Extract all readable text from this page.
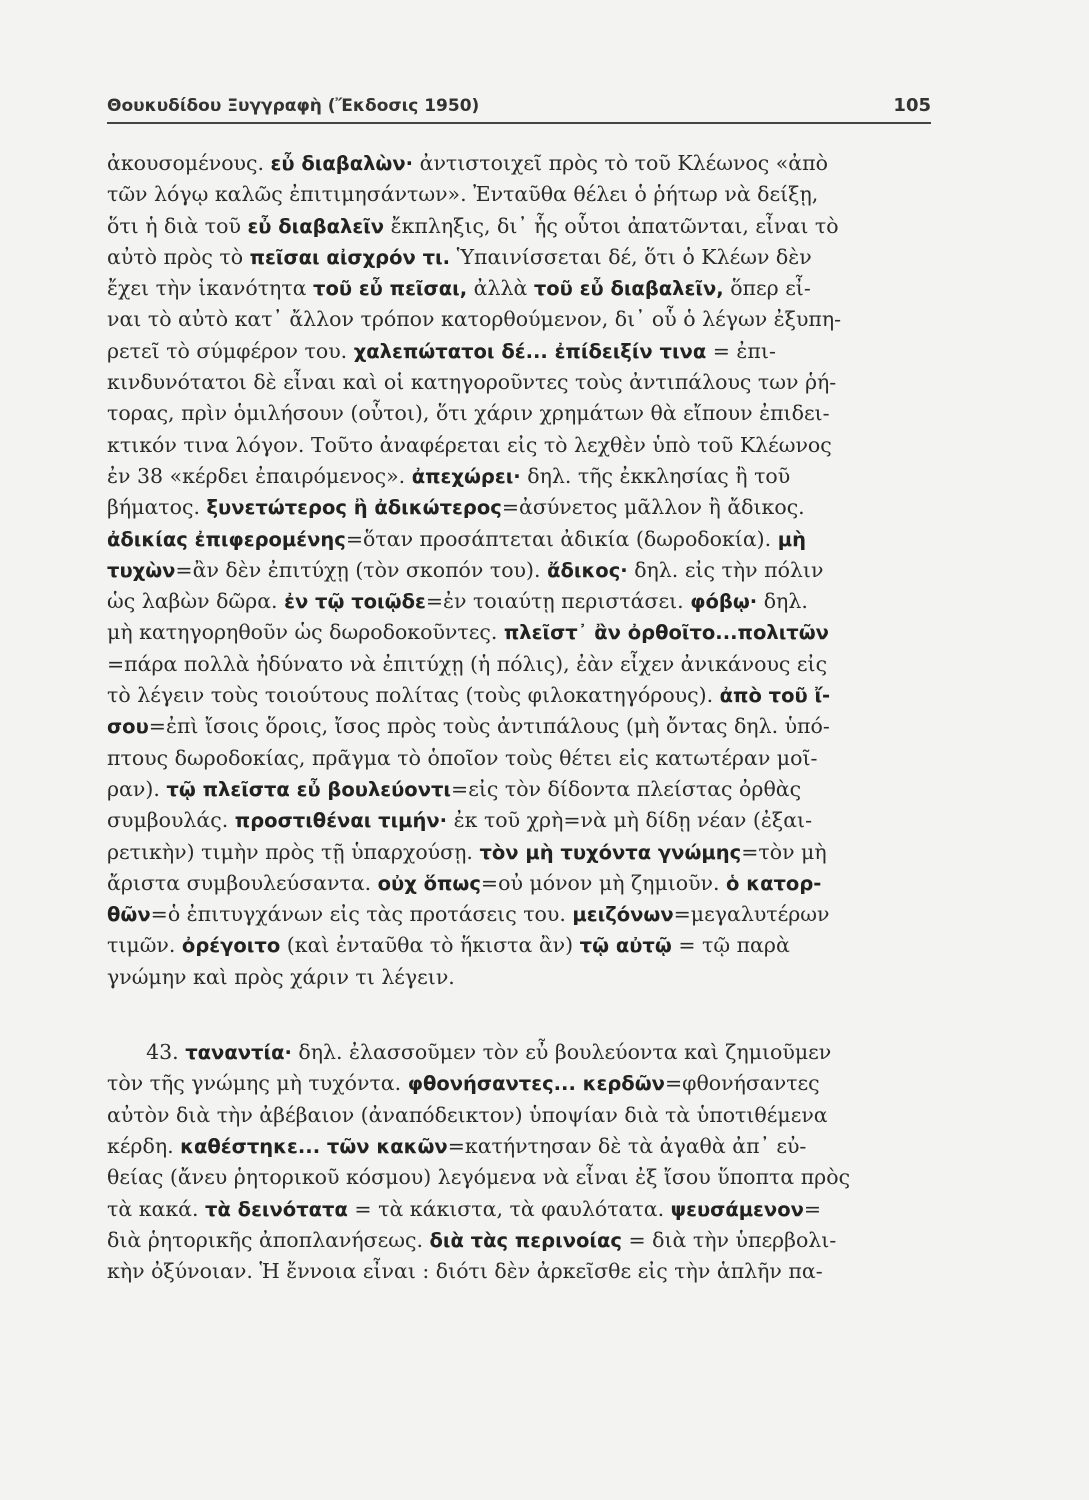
Θουκυδίδου Ξυγγραφὴ (Ἔκδοσις 1950)	105
ἀκουσομένους. εὖ διαβαλὼν· ἀντιστοιχεῖ πρὸς τὸ τοῦ Κλέωνος «ἀπὸ
τῶν λόγῳ καλῶς ἐπιτιμησάντων». Ἐνταῦθα θέλει ὁ ῥήτωρ νὰ δείξῃ,
ὅτι ἡ διὰ τοῦ εὖ διαβαλεῖν ἔκπληξις, δι᾽ ἧς οὗτοι ἀπατῶνται, εἶναι τὸ
αὐτὸ πρὸς τὸ πεῖσαι αἰσχρόν τι. Ὑπαινίσσεται δέ, ὅτι ὁ Κλέων δὲν
ἔχει τὴν ἱκανότητα τοῦ εὖ πεῖσαι, ἀλλὰ τοῦ εὖ διαβαλεῖν, ὅπερ εἶ-
ναι τὸ αὐτὸ κατ᾽ ἄλλον τρόπον κατορθούμενον, δι᾽ οὗ ὁ λέγων ἐξυπη-
ρετεῖ τὸ σύμφέρον του. χαλεπώτατοι δέ... ἐπίδειξίν τινα = ἐπι-
κινδυνότατοι δὲ εἶναι καὶ οἱ κατηγοροῦντες τοὺς ἀντιπάλους των ῥή-
τορας, πρὶν ὁμιλήσουν (οὗτοι), ὅτι χάριν χρημάτων θὰ εἴπουν ἐπιδει-
κτικόν τινα λόγον. Τοῦτο ἀναφέρεται εἰς τὸ λεχθὲν ὑπὸ τοῦ Κλέωνος
ἐν 38 «κέρδει ἐπαιρόμενος». ἀπεχώρει· δηλ. τῆς ἐκκλησίας ἢ τοῦ
βήματος. ξυνετώτερος ἢ ἀδικώτερος=ἀσύνετος μᾶλλον ἢ ἄδικος.
ἀδικίας ἐπιφερομένης=ὅταν προσάπτεται ἀδικία (δωροδοκία). μὴ
τυχὼν=ἂν δὲν ἐπιτύχῃ (τὸν σκοπόν του). ἄδικος· δηλ. εἰς τὴν πόλιν
ὡς λαβὼν δῶρα. ἐν τῷ τοιῷδε=ἐν τοιαύτῃ περιστάσει. φόβῳ· δηλ.
μὴ κατηγορηθοῦν ὡς δωροδοκοῦντες. πλεῖστ᾽ ἂν ὀρθοῖτο...πολιτῶν
=πάρα πολλὰ ἠδύνατο νὰ ἐπιτύχῃ (ἡ πόλις), ἐὰν εἶχεν ἀνικάνους εἰς
τὸ λέγειν τοὺς τοιούτους πολίτας (τοὺς φιλοκατηγόρους). ἀπὸ τοῦ ἴ-
σου=ἐπὶ ἴσοις ὅροις, ἴσος πρὸς τοὺς ἀντιπάλους (μὴ ὄντας δηλ. ὑπό-
πτους δωροδοκίας, πρᾶγμα τὸ ὁποῖον τοὺς θέτει εἰς κατωτέραν μοῖ-
ραν). τῷ πλεῖστα εὖ βουλεύοντι=εἰς τὸν δίδοντα πλείστας ὀρθὰς
συμβουλάς. προστιθέναι τιμήν· ἐκ τοῦ χρὴ=νὰ μὴ δίδῃ νέαν (ἐξαι-
ρετικὴν) τιμὴν πρὸς τῇ ὑπαρχούσῃ. τὸν μὴ τυχόντα γνώμης=τὸν μὴ
ἄριστα συμβουλεύσαντα. οὐχ ὅπως=οὐ μόνον μὴ ζημιοῦν. ὁ κατορ-
θῶν=ὁ ἐπιτυγχάνων εἰς τὰς προτάσεις του. μειζόνων=μεγαλυτέρων
τιμῶν. ὀρέγοιτο (καὶ ἐνταῦθα τὸ ἥκιστα ἂν) τῷ αὐτῷ = τῷ παρὰ
γνώμην καὶ πρὸς χάριν τι λέγειν.
43. ταναντία· δηλ. ἐλασσοῦμεν τὸν εὖ βουλεύοντα καὶ ζημιοῦμεν
τὸν τῆς γνώμης μὴ τυχόντα. φθονήσαντες... κερδῶν=φθονήσαντες
αὐτὸν διὰ τὴν ἀβέβαιον (ἀναπόδεικτον) ὑποψίαν διὰ τὰ ὑποτιθέμενα
κέρδη. καθέστηκε... τῶν κακῶν=κατήντησαν δὲ τὰ ἀγαθὰ ἀπ᾽ εὐ-
θείας (ἄνευ ῥητορικοῦ κόσμου) λεγόμενα νὰ εἶναι ἐξ ἴσου ὕποπτα πρὸς
τὰ κακά. τὰ δεινότατα = τὰ κάκιστα, τὰ φαυλότατα. ψευσάμενον=
διὰ ῥητορικῆς ἀποπλανήσεως. διὰ τὰς περινοίας = διὰ τὴν ὑπερβολι-
κὴν ὀξύνοιαν. Ἡ ἔννοια εἶναι : διότι δὲν ἀρκεῖσθε εἰς τὴν ἁπλῆν πα-
